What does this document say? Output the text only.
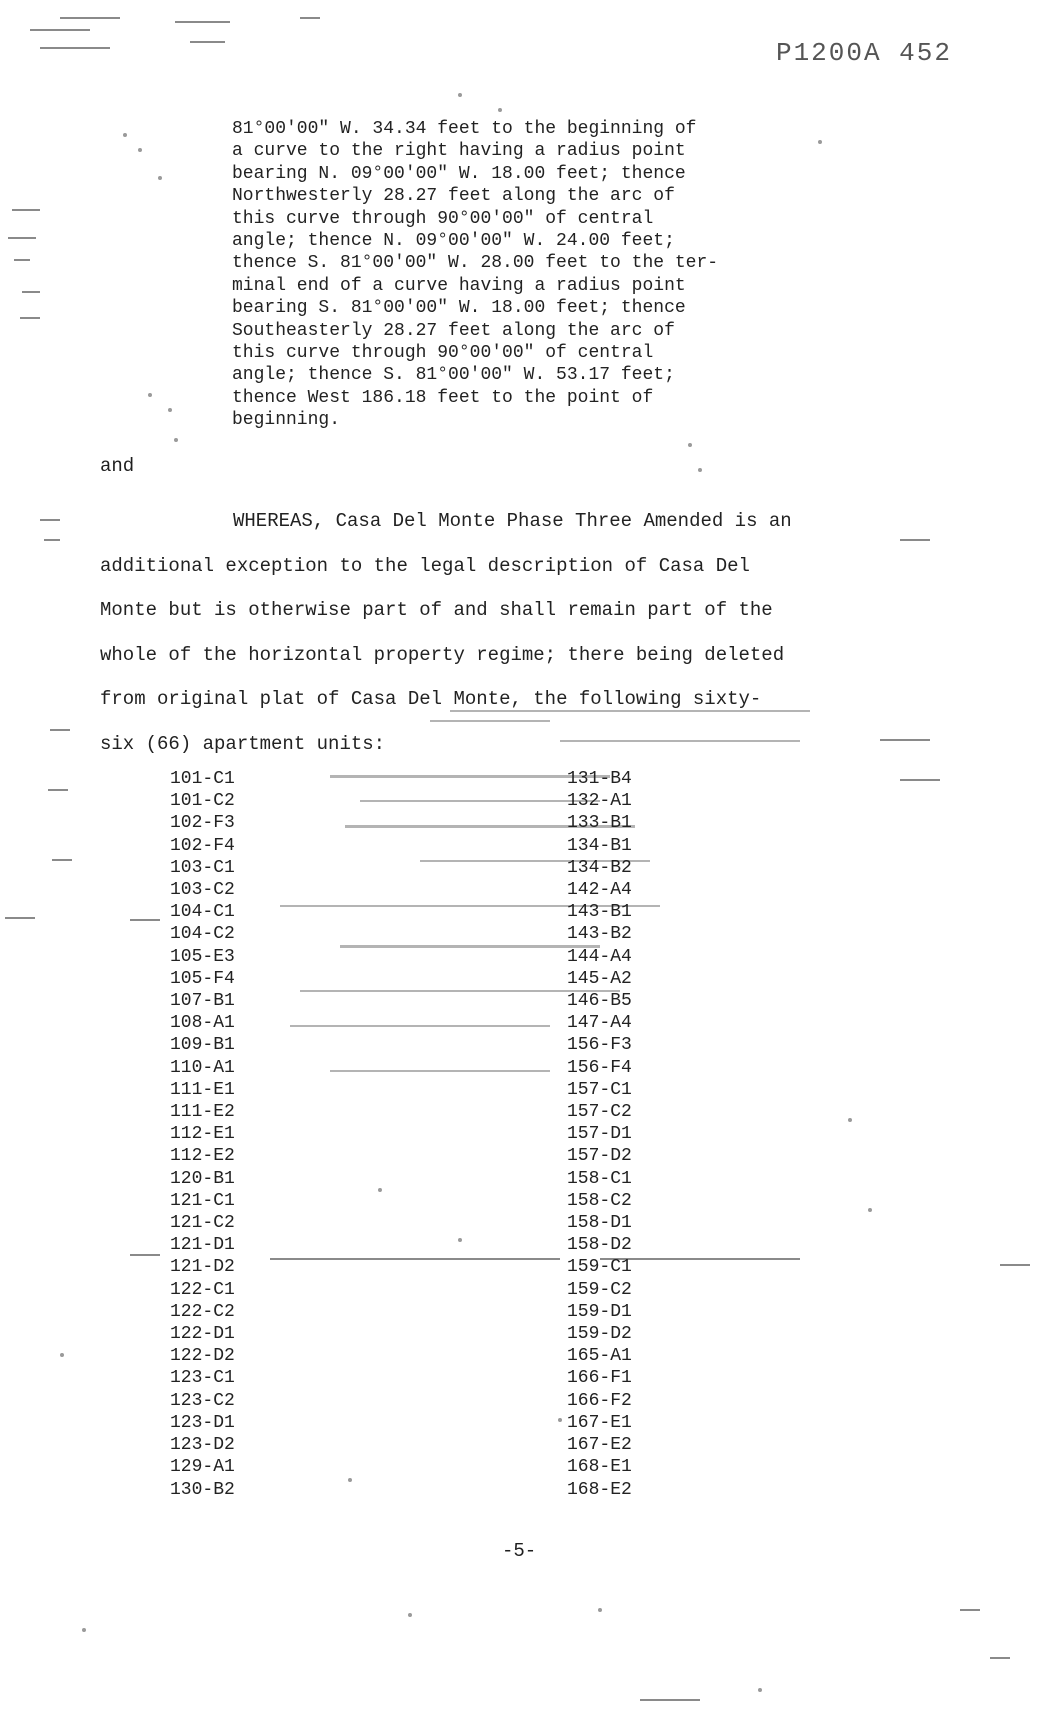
P1200A 452
81°00'00" W. 34.34 feet to the beginning of
a curve to the right having a radius point
bearing N. 09°00'00" W. 18.00 feet; thence
Northwesterly 28.27 feet along the arc of
this curve through 90°00'00" of central
angle; thence N. 09°00'00" W. 24.00 feet;
thence S. 81°00'00" W. 28.00 feet to the ter-
minal end of a curve having a radius point
bearing S. 81°00'00" W. 18.00 feet; thence
Southeasterly 28.27 feet along the arc of
this curve through 90°00'00" of central
angle; thence S. 81°00'00" W. 53.17 feet;
thence West 186.18 feet to the point of
beginning.
and
WHEREAS, Casa Del Monte Phase Three Amended is an
additional exception to the legal description of Casa Del
Monte but is otherwise part of and shall remain part of the
whole of the horizontal property regime; there being deleted
from original plat of Casa Del Monte, the following sixty-
six (66) apartment units:
101-C1
101-C2
102-F3
102-F4
103-C1
103-C2
104-C1
104-C2
105-E3
105-F4
107-B1
108-A1
109-B1
110-A1
111-E1
111-E2
112-E1
112-E2
120-B1
121-C1
121-C2
121-D1
121-D2
122-C1
122-C2
122-D1
122-D2
123-C1
123-C2
123-D1
123-D2
129-A1
130-B2
131-B4
132-A1
133-B1
134-B1
134-B2
142-A4
143-B1
143-B2
144-A4
145-A2
146-B5
147-A4
156-F3
156-F4
157-C1
157-C2
157-D1
157-D2
158-C1
158-C2
158-D1
158-D2
159-C1
159-C2
159-D1
159-D2
165-A1
166-F1
166-F2
167-E1
167-E2
168-E1
168-E2
-5-
